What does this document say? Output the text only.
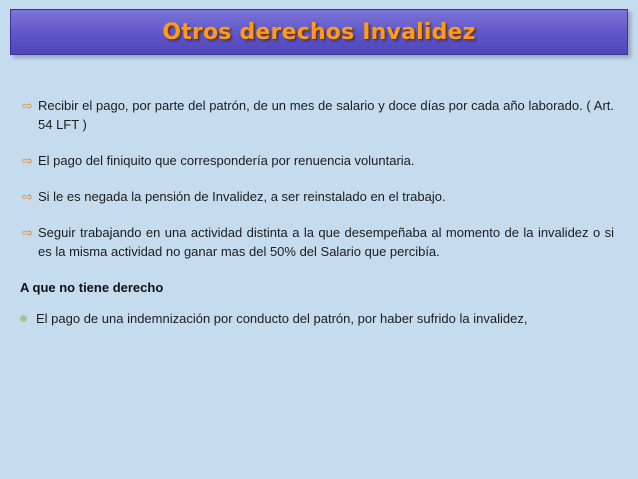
Otros derechos Invalidez
⇨ Recibir el pago, por parte del patrón, de un mes de salario y doce días por cada año laborado. ( Art. 54 LFT )
⇨ El pago del finiquito que correspondería por renuencia voluntaria.
⇨ Si le es negada la pensión de Invalidez, a ser reinstalado en el trabajo.
⇨ Seguir trabajando en una actividad distinta a la que desempeñaba al momento de la invalidez o si es la misma actividad no ganar mas del 50% del Salario que percibía.
A que no tiene derecho
El pago de una indemnización por conducto del patrón, por haber sufrido la invalidez,
